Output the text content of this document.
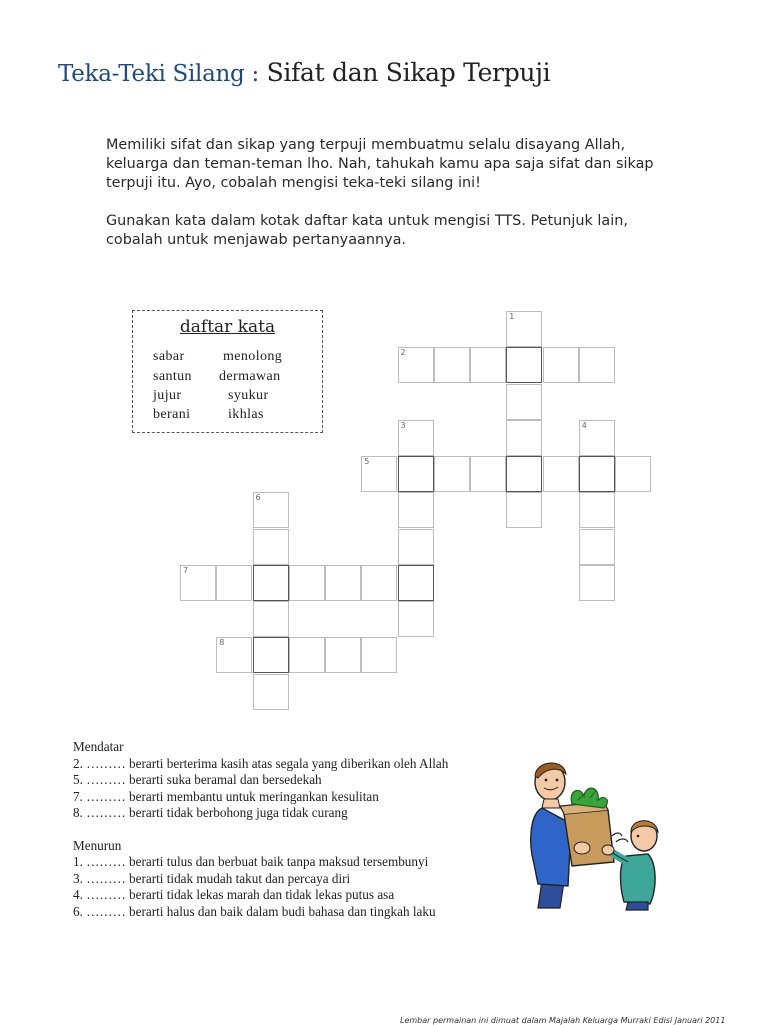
Teka-Teki Silang : Sifat dan Sikap Terpuji

Memiliki sifat dan sikap yang terpuji membuatmu selalu disayang Allah, keluarga dan teman-teman lho. Nah, tahukah kamu apa saja sifat dan sikap terpuji itu. Ayo, cobalah mengisi teka-teki silang ini!

Gunakan kata dalam kotak daftar kata untuk mengisi TTS. Petunjuk lain, cobalah untuk menjawab pertanyaannya.

daftar kata
sabar	menolong
santun dermawan
jujur	syukur
berani	ikhlas
1
2
3	4
5
6
7
8

Mendatar

2. ……… berarti berterima kasih atas segala yang diberikan oleh Allah

5. ……… berarti suka beramal dan bersedekah

7. ……… berarti membantu untuk meringankan kesulitan

8. ……… berarti tidak berbohong juga tidak curang

Menurun

1. ……… berarti tulus dan berbuat baik tanpa maksud tersembunyi

3. ……… berarti tidak mudah takut dan percaya diri

4. ……… berarti tidak lekas marah dan tidak lekas putus asa

6. ……… berarti halus dan baik dalam budi bahasa dan tingkah laku

Lembar permainan ini dimuat dalam Majalah Keluarga Murraki Edisi Januari 2011
